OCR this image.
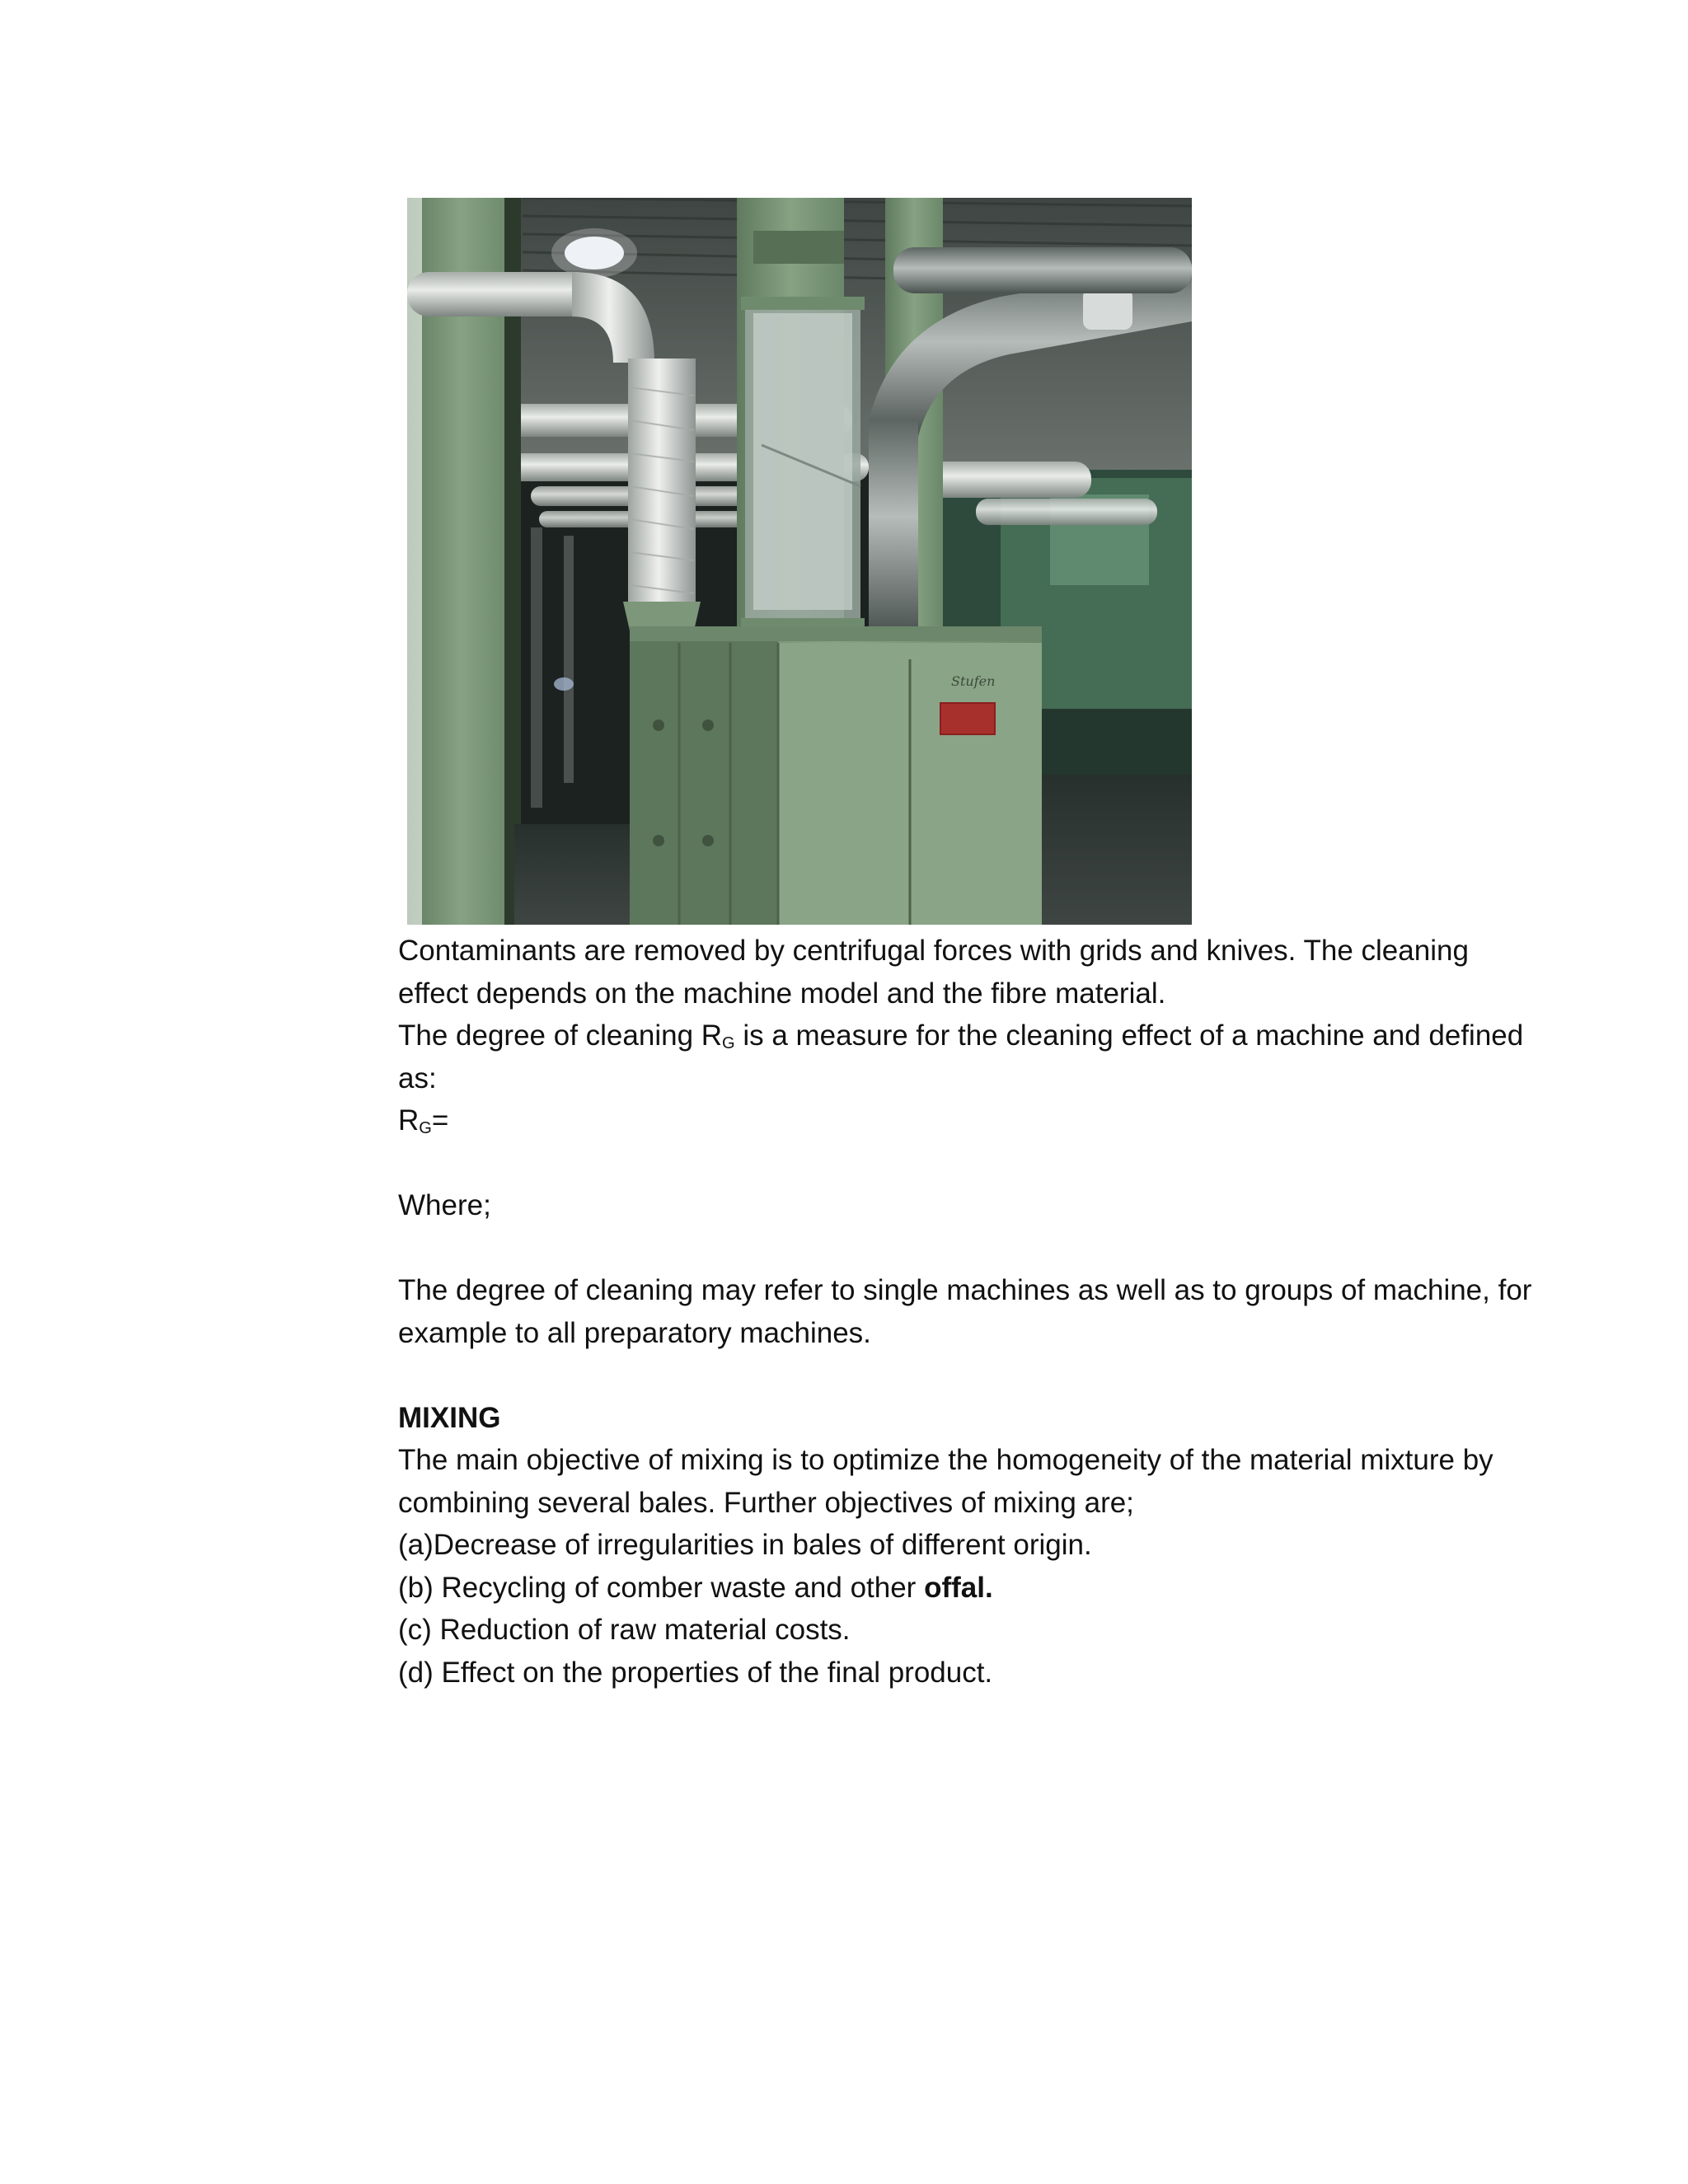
Stufen

Contaminants are removed by centrifugal forces with grids and knives. The cleaning

effect depends on the machine model and the fibre material.

The degree of cleaning $R_G$ is a measure for the cleaning effect of a machine and defined

as:

$R_G=$

Where;

The degree of cleaning may refer to single machines as well as to groups of machine, for

example to all preparatory machines.

MIXING

The main objective of mixing is to optimize the homogeneity of the material mixture by

combining several bales. Further objectives of mixing are;

(a)Decrease of irregularities in bales of different origin.

(b) Recycling of comber waste and other offal.

(c) Reduction of raw material costs.

(d) Effect on the properties of the final product.
